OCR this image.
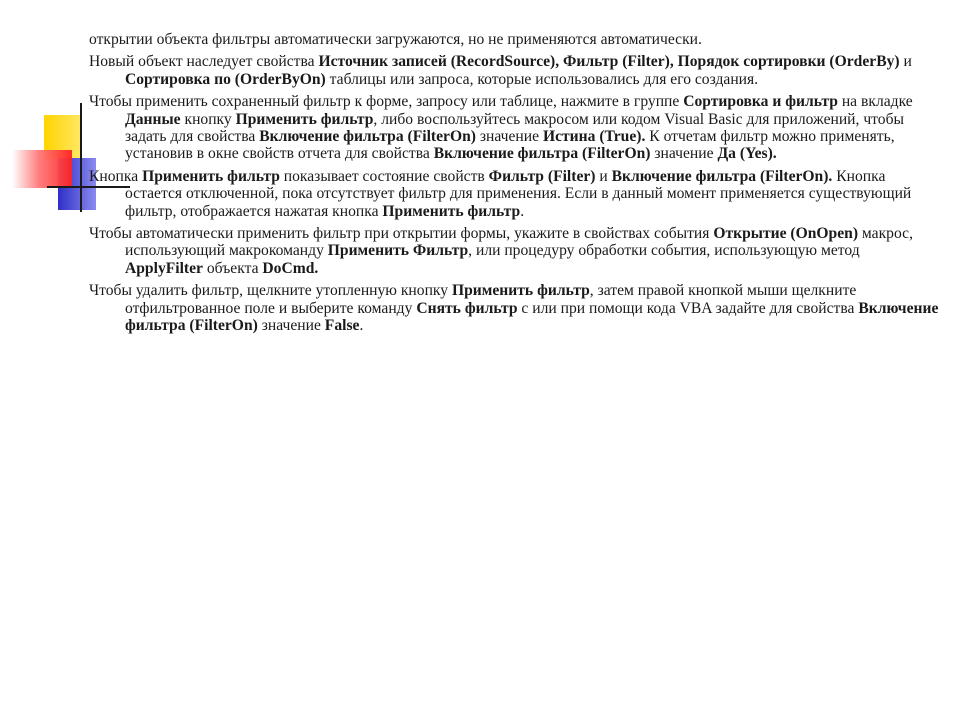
открытии объекта фильтры автоматически загружаются, но не применяются автоматически.
Новый объект наследует свойства Источник записей (RecordSource), Фильтр (Filter), Порядок сортировки (OrderBy) и Сортировка по (OrderByOn) таблицы или запроса, которые использовались для его создания.
Чтобы применить сохраненный фильтр к форме, запросу или таблице, нажмите в группе Сортировка и фильтр на вкладке Данные кнопку Применить фильтр, либо воспользуйтесь макросом или кодом Visual Basic для приложений, чтобы задать для свойства Включение фильтра (FilterOn) значение Истина (True). К отчетам фильтр можно применять, установив в окне свойств отчета для свойства Включение фильтра (FilterOn) значение Да (Yes).
Кнопка Применить фильтр показывает состояние свойств Фильтр (Filter) и Включение фильтра (FilterOn). Кнопка остается отключенной, пока отсутствует фильтр для применения. Если в данный момент применяется существующий фильтр, отображается нажатая кнопка Применить фильтр.
Чтобы автоматически применить фильтр при открытии формы, укажите в свойствах события Открытие (OnOpen) макрос, использующий макрокоманду Применить Фильтр, или процедуру обработки события, использующую метод ApplyFilter объекта DoCmd.
Чтобы удалить фильтр, щелкните утопленную кнопку Применить фильтр, затем правой кнопкой мыши щелкните отфильтрованное поле и выберите команду Снять фильтр с или при помощи кода VBA задайте для свойства Включение фильтра (FilterOn) значение False.
